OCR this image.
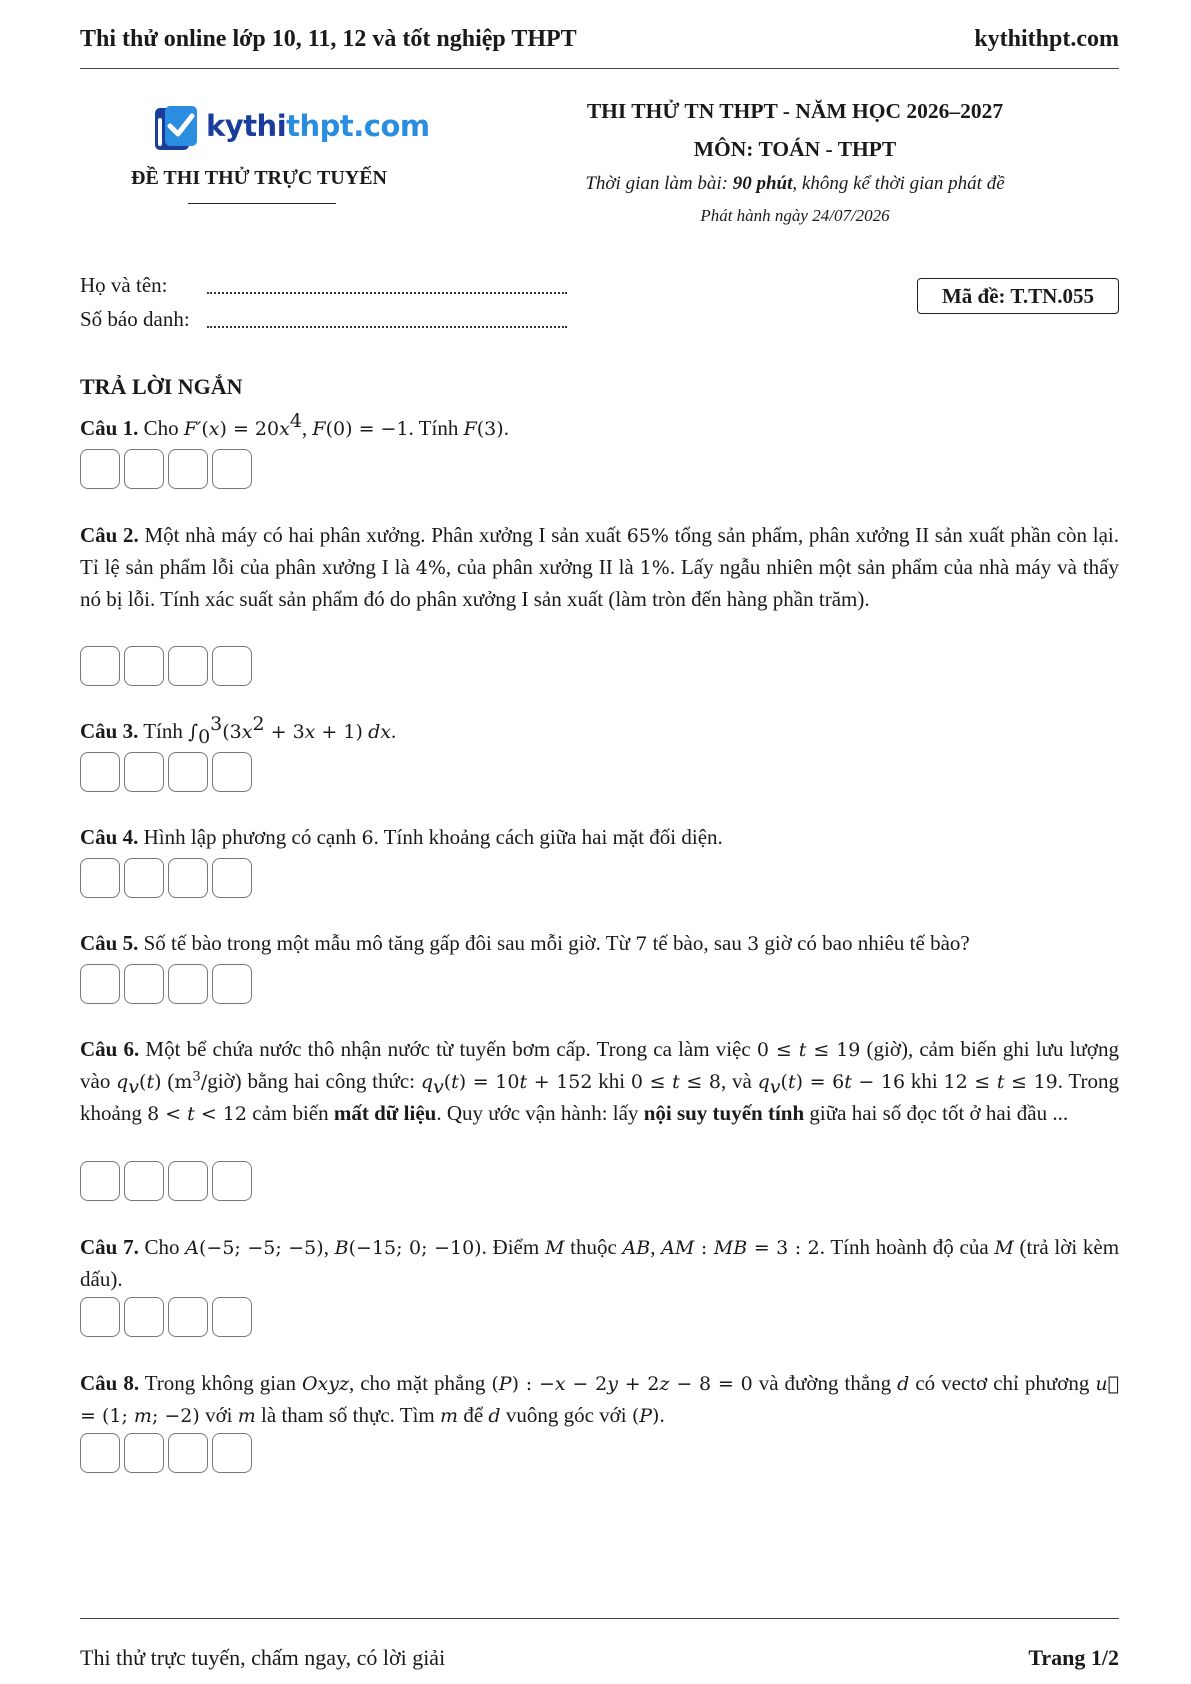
Thi thử online lớp 10, 11, 12 và tốt nghiệp THPT	kythithpt.com
kythithpt.com
ĐỀ THI THỬ TRỰC TUYẾN
THI THỬ TN THPT - NĂM HỌC 2026–2027
MÔN: TOÁN - THPT
Thời gian làm bài: 90 phút, không kể thời gian phát đề
Phát hành ngày 24/07/2026
Họ và tên:
Số báo danh:
Mã đề: T.TN.055
TRẢ LỜI NGẮN
Câu 1. Cho $F'(x) = 20x^4$, F(0) = −1. Tính F(3).
Câu 2. Một nhà máy có hai phân xưởng. Phân xưởng I sản xuất 65% tổng sản phẩm, phân xưởng II sản xuất phần còn lại. Tỉ lệ sản phẩm lỗi của phân xưởng I là 4%, của phân xưởng II là 1%. Lấy ngẫu nhiên một sản phẩm của nhà máy và thấy nó bị lỗi. Tính xác suất sản phẩm đó do phân xưởng I sản xuất (làm tròn đến hàng phần trăm).
Câu 3. Tính $\int_0^3(3x^2 + 3x + 1)$ dx.
Câu 4. Hình lập phương có cạnh 6. Tính khoảng cách giữa hai mặt đối diện.
Câu 5. Số tế bào trong một mẫu mô tăng gấp đôi sau mỗi giờ. Từ 7 tế bào, sau 3 giờ có bao nhiêu tế bào?
Câu 6. Một bể chứa nước thô nhận nước từ tuyến bơm cấp. Trong ca làm việc 0 ≤ t ≤ 19 (giờ), cảm biến ghi lưu lượng vào $q_v(t)$ $(m^3/giờ)$ bằng hai công thức: $q_v(t) = 10t + 152$ khi 0 ≤ t ≤ 8, và $q_v(t) = 6t - 16$ khi 12 ≤ t ≤ 19. Trong khoảng 8 < t < 12 cảm biến mất dữ liệu. Quy ước vận hành: lấy nội suy tuyến tính giữa hai số đọc tốt ở hai đầu ...
Câu 7. Cho A(−5; −5; −5), B(−15; 0; −10). Điểm M thuộc AB, AM : MB = 3 : 2. Tính hoành độ của M (trả lời kèm dấu).
Câu 8. Trong không gian Oxyz, cho mặt phẳng (P) : −x − 2y + 2z − 8 = 0 và đường thẳng d có vectơ chỉ phương u⃗ = (1; m; −2) với m là tham số thực. Tìm m để d vuông góc với (P).
Thi thử trực tuyến, chấm ngay, có lời giải	Trang 1/2
